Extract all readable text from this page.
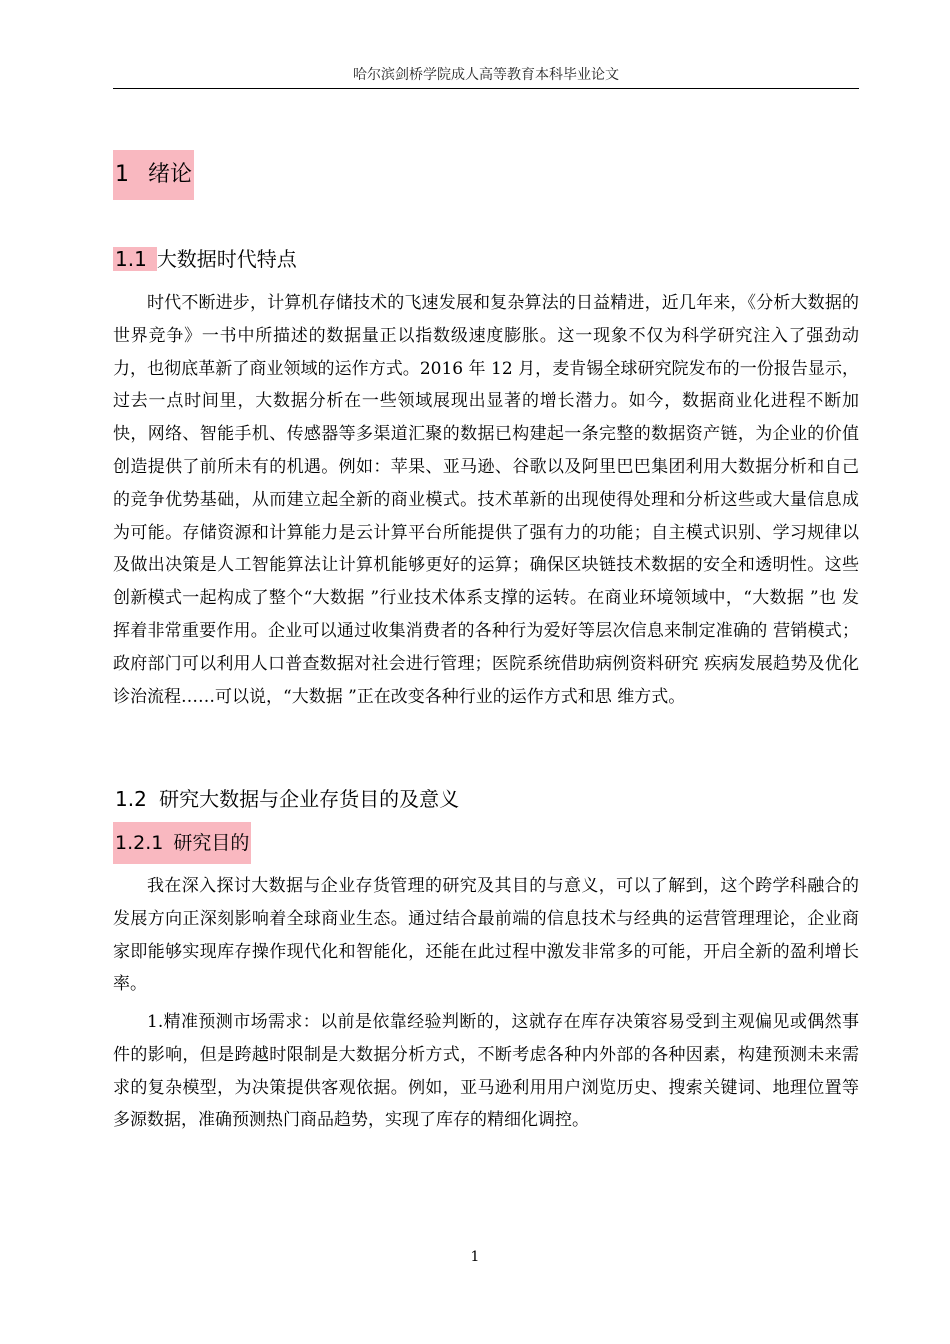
哈尔滨剑桥学院成人高等教育本科毕业论文
1 绪论
1.1 大数据时代特点

时代不断进步，计算机存储技术的飞速发展和复杂算法的日益精进，近几年来，《分析大数据的世界竞争》一书中所描述的数据量正以指数级速度膨胀。这一现象不仅为科学研究注入了强劲动力，也彻底革新了商业领域的运作方式。2016 年 12 月，麦肯锡全球研究院发布的一份报告显示，过去一点时间里，大数据分析在一些领域展现出显著的增长潜力。如今，数据商业化进程不断加快，网络、智能手机、传感器等多渠道汇聚的数据已构建起一条完整的数据资产链，为企业的价值创造提供了前所未有的机遇。例如：苹果、亚马逊、谷歌以及阿里巴巴集团利用大数据分析和自己的竞争优势基础，从而建立起全新的商业模式。技术革新的出现使得处理和分析这些或大量信息成为可能。存储资源和计算能力是云计算平台所能提供了强有力的功能；自主模式识别、学习规律以及做出决策是人工智能算法让计算机能够更好的运算；确保区块链技术数据的安全和透明性。这些创新模式一起构成了整个“大数据 ”行业技术体系支撑的运转。在商业环境领域中，“大数据 ”也 发挥着非常重要作用。企业可以通过收集消费者的各种行为爱好等层次信息来制定准确的 营销模式；政府部门可以利用人口普查数据对社会进行管理；医院系统借助病例资料研究 疾病发展趋势及优化诊治流程……可以说，“大数据 ”正在改变各种行业的运作方式和思 维方式。

1.2 研究大数据与企业存货目的及意义
1.2.1 研究目的

我在深入探讨大数据与企业存货管理的研究及其目的与意义，可以了解到，这个跨学科融合的发展方向正深刻影响着全球商业生态。通过结合最前端的信息技术与经典的运营管理理论，企业商家即能够实现库存操作现代化和智能化，还能在此过程中激发非常多的可能，开启全新的盈利增长率。

1.精准预测市场需求：以前是依靠经验判断的，这就存在库存决策容易受到主观偏见或偶然事件的影响，但是跨越时限制是大数据分析方式，不断考虑各种内外部的各种因素，构建预测未来需求的复杂模型，为决策提供客观依据。例如，亚马逊利用用户浏览历史、搜索关键词、地理位置等多源数据，准确预测热门商品趋势，实现了库存的精细化调控。

1
